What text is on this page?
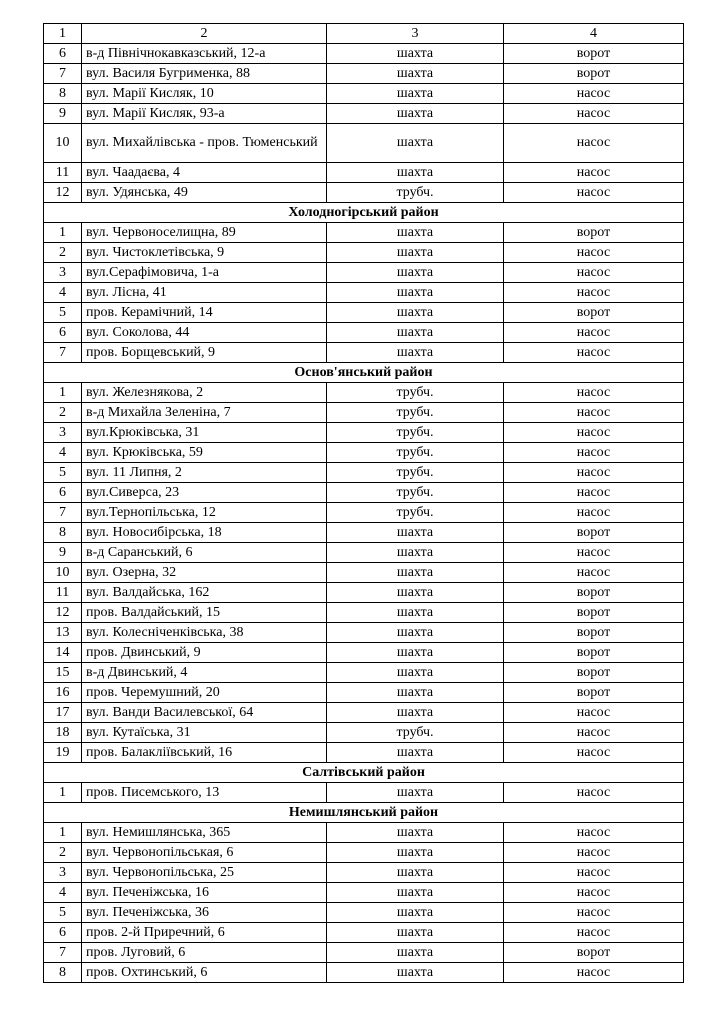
1	2	3	4
6	в-д Північнокавказський, 12-а	шахта	ворот
7	вул. Василя Бугрименка, 88	шахта	ворот
8	вул. Марії Кисляк, 10	шахта	насос
9	вул. Марії Кисляк, 93-а	шахта	насос
10	вул. Михайлівська - пров. Тюменський	шахта	насос
11	вул. Чаадаєва, 4	шахта	насос
12	вул. Удянська, 49	трубч.	насос
Холодногірський район			
1	вул. Червоноселищна, 89	шахта	ворот
2	вул. Чистоклетівська, 9	шахта	насос
3	вул.Серафімовича, 1-а	шахта	насос
4	вул. Лісна, 41	шахта	насос
5	пров. Керамічний, 14	шахта	ворот
6	вул. Соколова, 44	шахта	насос
7	пров. Борщевський, 9	шахта	насос
Основ'янський район			
1	вул. Железнякова, 2	трубч.	насос
2	в-д Михайла Зеленіна, 7	трубч.	насос
3	вул.Крюківська, 31	трубч.	насос
4	вул. Крюківська, 59	трубч.	насос
5	вул. 11 Липня, 2	трубч.	насос
6	вул.Сиверса, 23	трубч.	насос
7	вул.Тернопільська, 12	трубч.	насос
8	вул. Новосибірська, 18	шахта	ворот
9	в-д Саранський, 6	шахта	насос
10	вул. Озерна, 32	шахта	насос
11	вул. Валдайська, 162	шахта	ворот
12	пров. Валдайський, 15	шахта	ворот
13	вул. Колесніченківська, 38	шахта	ворот
14	пров. Двинський, 9	шахта	ворот
15	в-д Двинський, 4	шахта	ворот
16	пров. Черемушний, 20	шахта	ворот
17	вул. Ванди Василевської, 64	шахта	насос
18	вул. Кутаїська, 31	трубч.	насос
19	пров. Балакліївський, 16	шахта	насос
Салтівський район			
1	пров. Писемського, 13	шахта	насос
Немишлянський район			
1	вул. Немишлянська, 365	шахта	насос
2	вул. Червонопільськая, 6	шахта	насос
3	вул. Червонопільська, 25	шахта	насос
4	вул. Печеніжська, 16	шахта	насос
5	вул. Печеніжська, 36	шахта	насос
6	пров. 2-й Приречний, 6	шахта	насос
7	пров. Луговий, 6	шахта	ворот
8	пров. Охтинський, 6	шахта	насос
